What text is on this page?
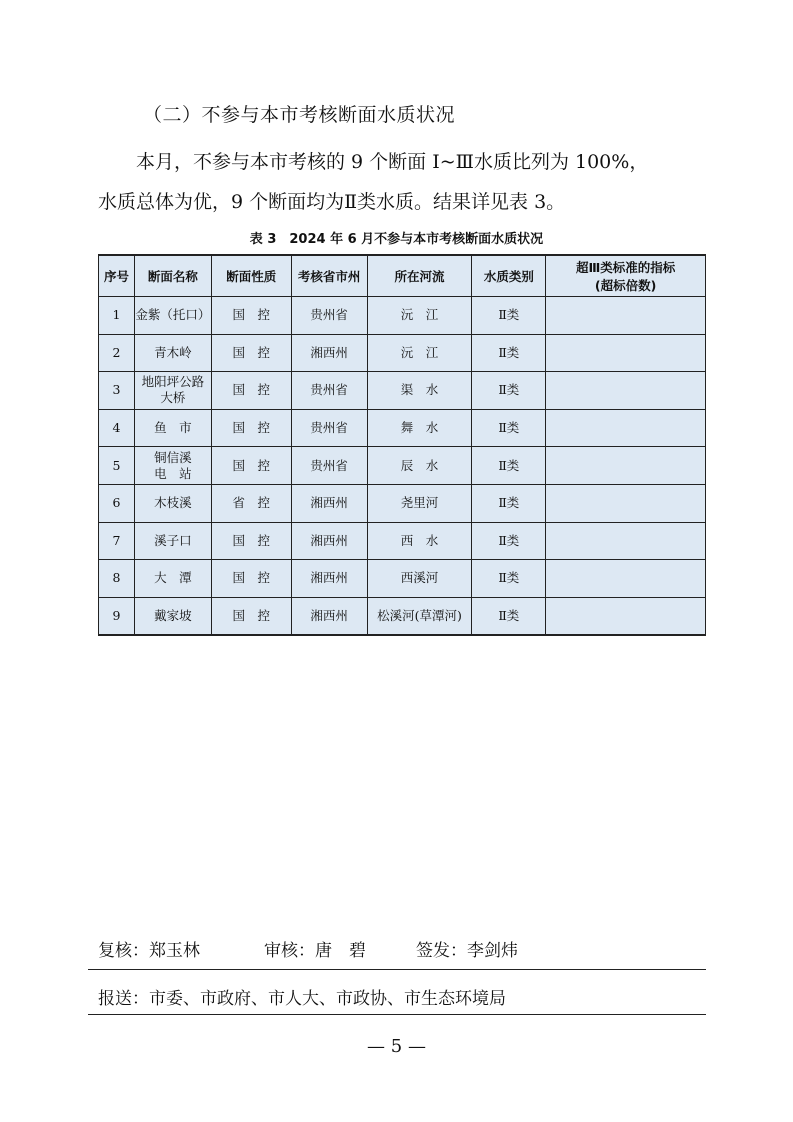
（二）不参与本市考核断面水质状况
本月，不参与本市考核的 9 个断面 Ⅰ~Ⅲ水质比列为 100%，
水质总体为优，9 个断面均为Ⅱ类水质。结果详见表 3。
表 3　2024 年 6 月不参与本市考核断面水质状况
序号	断面名称	断面性质	考核省市州	所在河流	水质类别	超Ⅲ类标准的指标
(超标倍数)

1	金紫（托口）	国　控	贵州省	沅　江	Ⅱ类	
2	青木岭	国　控	湘西州	沅　江	Ⅱ类	
3	地阳坪公路
大桥	国　控	贵州省	渠　水	Ⅱ类	
4	鱼　市	国　控	贵州省	舞　水	Ⅱ类	
5	铜信溪
电　站	国　控	贵州省	辰　水	Ⅱ类	
6	木枝溪	省　控	湘西州	尧里河	Ⅱ类	
7	溪子口	国　控	湘西州	西　水	Ⅱ类	
8	大　潭	国　控	湘西州	西溪河	Ⅱ类	
9	戴家坡	国　控	湘西州	松溪河(草潭河)	Ⅱ类	
复核：郑玉林	审核：唐　碧	签发：李剑炜
报送：市委、市政府、市人大、市政协、市生态环境局
— 5 —
